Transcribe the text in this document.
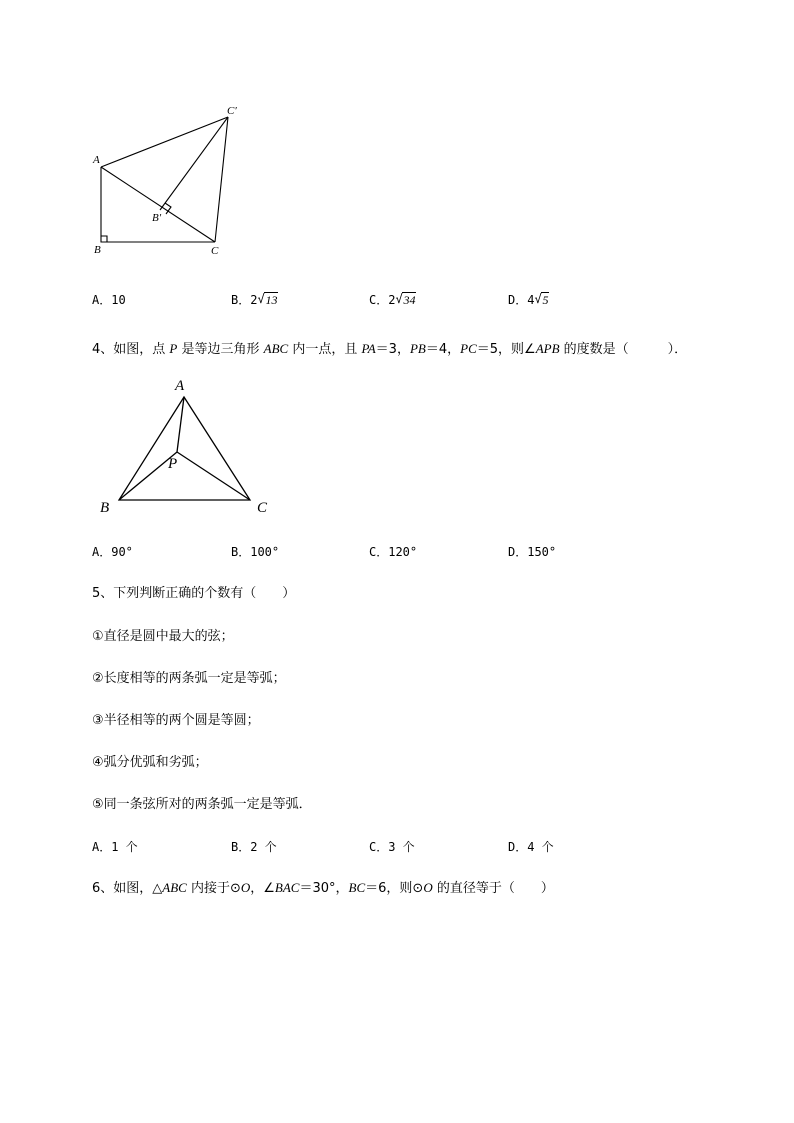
A
B	C
B′
C′
A．10	B．2 √ 13	C．2 √ 34	D．4 √ 5
4、如图，点 P 是等边三角形 ABC 内一点，且 PA＝3，PB＝4，PC＝5，则∠APB 的度数是（　　　）．
A
P
B	C
A．90°	B．100°	C．120°	D．150°
5、下列判断正确的个数有（　　）
①直径是圆中最大的弦；
②长度相等的两条弧一定是等弧；
③半径相等的两个圆是等圆；
④弧分优弧和劣弧；
⑤同一条弦所对的两条弧一定是等弧．
A．1 个	B．2 个	C．3 个	D．4 个
6、如图，△ABC 内接于⊙O，∠BAC＝30°，BC＝6，则⊙O 的直径等于（　　）
